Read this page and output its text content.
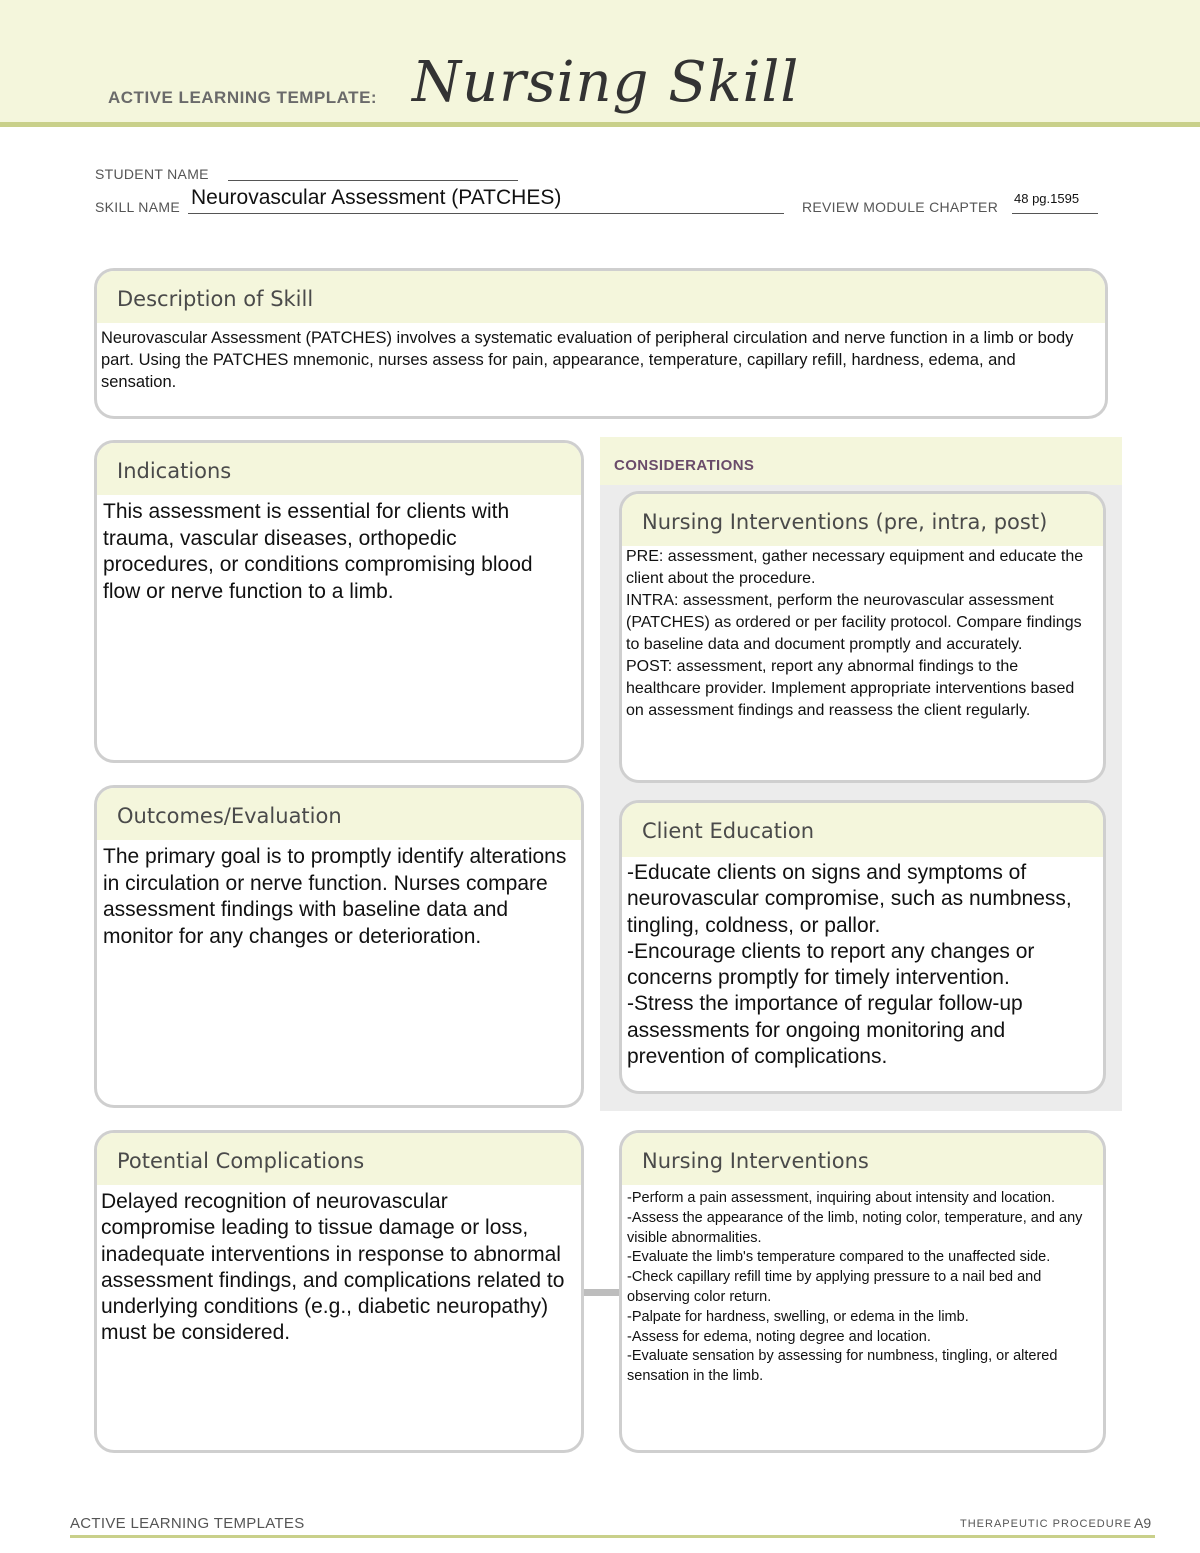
ACTIVE LEARNING TEMPLATE: Nursing Skill
STUDENT NAME
SKILL NAME Neurovascular Assessment (PATCHES)	REVIEW MODULE CHAPTER
48 pg.1595
Description of Skill
Neurovascular Assessment (PATCHES) involves a systematic evaluation of peripheral circulation and nerve function in a limb or body part. Using the PATCHES mnemonic, nurses assess for pain, appearance, temperature, capillary refill, hardness, edema, and sensation.
Indications
This assessment is essential for clients with trauma, vascular diseases, orthopedic procedures, or conditions compromising blood flow or nerve function to a limb.
Outcomes/Evaluation
The primary goal is to promptly identify alterations in circulation or nerve function. Nurses compare assessment findings with baseline data and monitor for any changes or deterioration.
CONSIDERATIONS
Nursing Interventions (pre, intra, post)
PRE: assessment, gather necessary equipment and educate the client about the procedure.
INTRA: assessment, perform the neurovascular assessment (PATCHES) as ordered or per facility protocol. Compare findings to baseline data and document promptly and accurately.
POST: assessment, report any abnormal findings to the healthcare provider. Implement appropriate interventions based on assessment findings and reassess the client regularly.
Client Education
-Educate clients on signs and symptoms of neurovascular compromise, such as numbness, tingling, coldness, or pallor.
-Encourage clients to report any changes or concerns promptly for timely intervention.
-Stress the importance of regular follow-up assessments for ongoing monitoring and prevention of complications.
Potential Complications
Delayed recognition of neurovascular compromise leading to tissue damage or loss, inadequate interventions in response to abnormal assessment findings, and complications related to underlying conditions (e.g., diabetic neuropathy) must be considered.
Nursing Interventions
-Perform a pain assessment, inquiring about intensity and location.
-Assess the appearance of the limb, noting color, temperature, and any visible abnormalities.
-Evaluate the limb's temperature compared to the unaffected side.
-Check capillary refill time by applying pressure to a nail bed and observing color return.
-Palpate for hardness, swelling, or edema in the limb.
-Assess for edema, noting degree and location.
-Evaluate sensation by assessing for numbness, tingling, or altered sensation in the limb.
ACTIVE LEARNING TEMPLATES	THERAPEUTIC PROCEDURE A9
